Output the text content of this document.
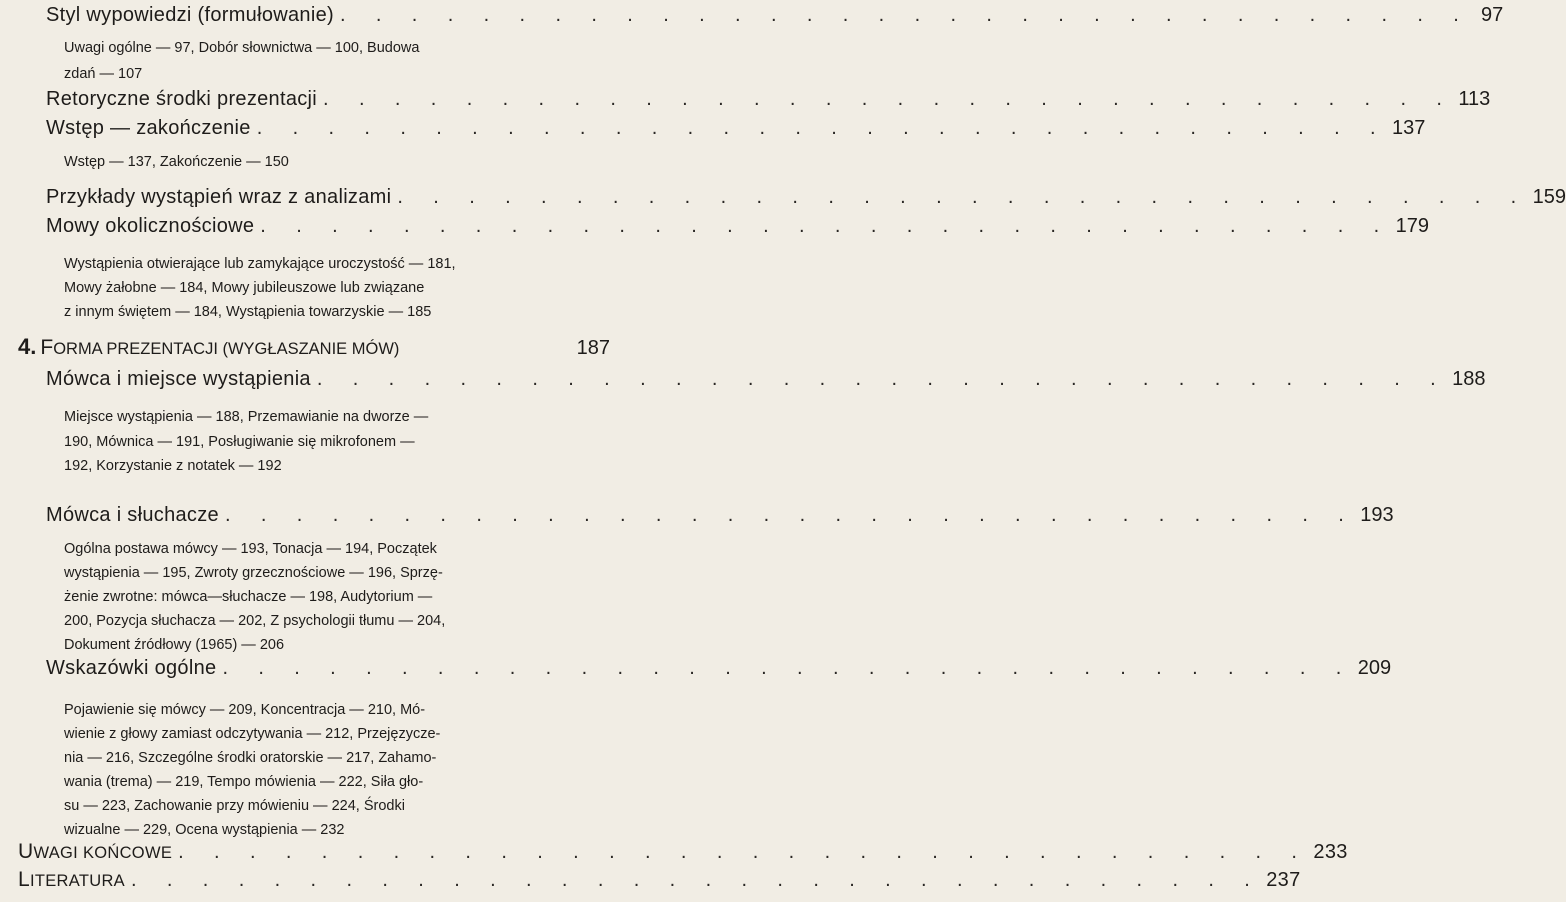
Styl wypowiedzi (formułowanie) . . . . . . . . . . . . . . . . . . . . . . . . . . . . . . . . 97
Uwagi ogólne — 97, Dobór słownictwa — 100, Budowa
zdań — 107
Retoryczne środki prezentacji . . . . . . . . . . . . . . . . . . . . . . . . . . . . . . . . 113
Wstęp — zakończenie . . . . . . . . . . . . . . . . . . . . . . . . . . . . . . . . 137
Wstęp — 137, Zakończenie — 150
Przykłady wystąpień wraz z analizami . . . . . . . . . . . . . . . . . . . . . . . . . . . . . . . . 159
Mowy okolicznościowe . . . . . . . . . . . . . . . . . . . . . . . . . . . . . . . . 179
Wystąpienia otwierające lub zamykające uroczystość — 181,
Mowy żałobne — 184, Mowy jubileuszowe lub związane
z innym świętem — 184, Wystąpienia towarzyskie — 185
4. FORMA PREZENTACJI (WYGŁASZANIE MÓW)	187
Mówca i miejsce wystąpienia . . . . . . . . . . . . . . . . . . . . . . . . . . . . . . . . 188
Miejsce wystąpienia — 188, Przemawianie na dworze —
190, Mównica — 191, Posługiwanie się mikrofonem —
192, Korzystanie z notatek — 192
Mówca i słuchacze . . . . . . . . . . . . . . . . . . . . . . . . . . . . . . . . 193
Ogólna postawa mówcy — 193, Tonacja — 194, Początek
wystąpienia — 195, Zwroty grzecznościowe — 196, Sprzę-
żenie zwrotne: mówca—słuchacze — 198, Audytorium —
200, Pozycja słuchacza — 202, Z psychologii tłumu — 204,
Dokument źródłowy (1965) — 206
Wskazówki ogólne . . . . . . . . . . . . . . . . . . . . . . . . . . . . . . . . 209
Pojawienie się mówcy — 209, Koncentracja — 210, Mó-
wienie z głowy zamiast odczytywania — 212, Przejęzycze-
nia — 216, Szczególne środki oratorskie — 217, Zahamo-
wania (trema) — 219, Tempo mówienia — 222, Siła gło-
su — 223, Zachowanie przy mówieniu — 224, Środki
wizualne — 229, Ocena wystąpienia — 232
UWAGI KOŃCOWE . . . . . . . . . . . . . . . . . . . . . . . . . . . . . . . . 233
LITERATURA . . . . . . . . . . . . . . . . . . . . . . . . . . . . . . . . 237
